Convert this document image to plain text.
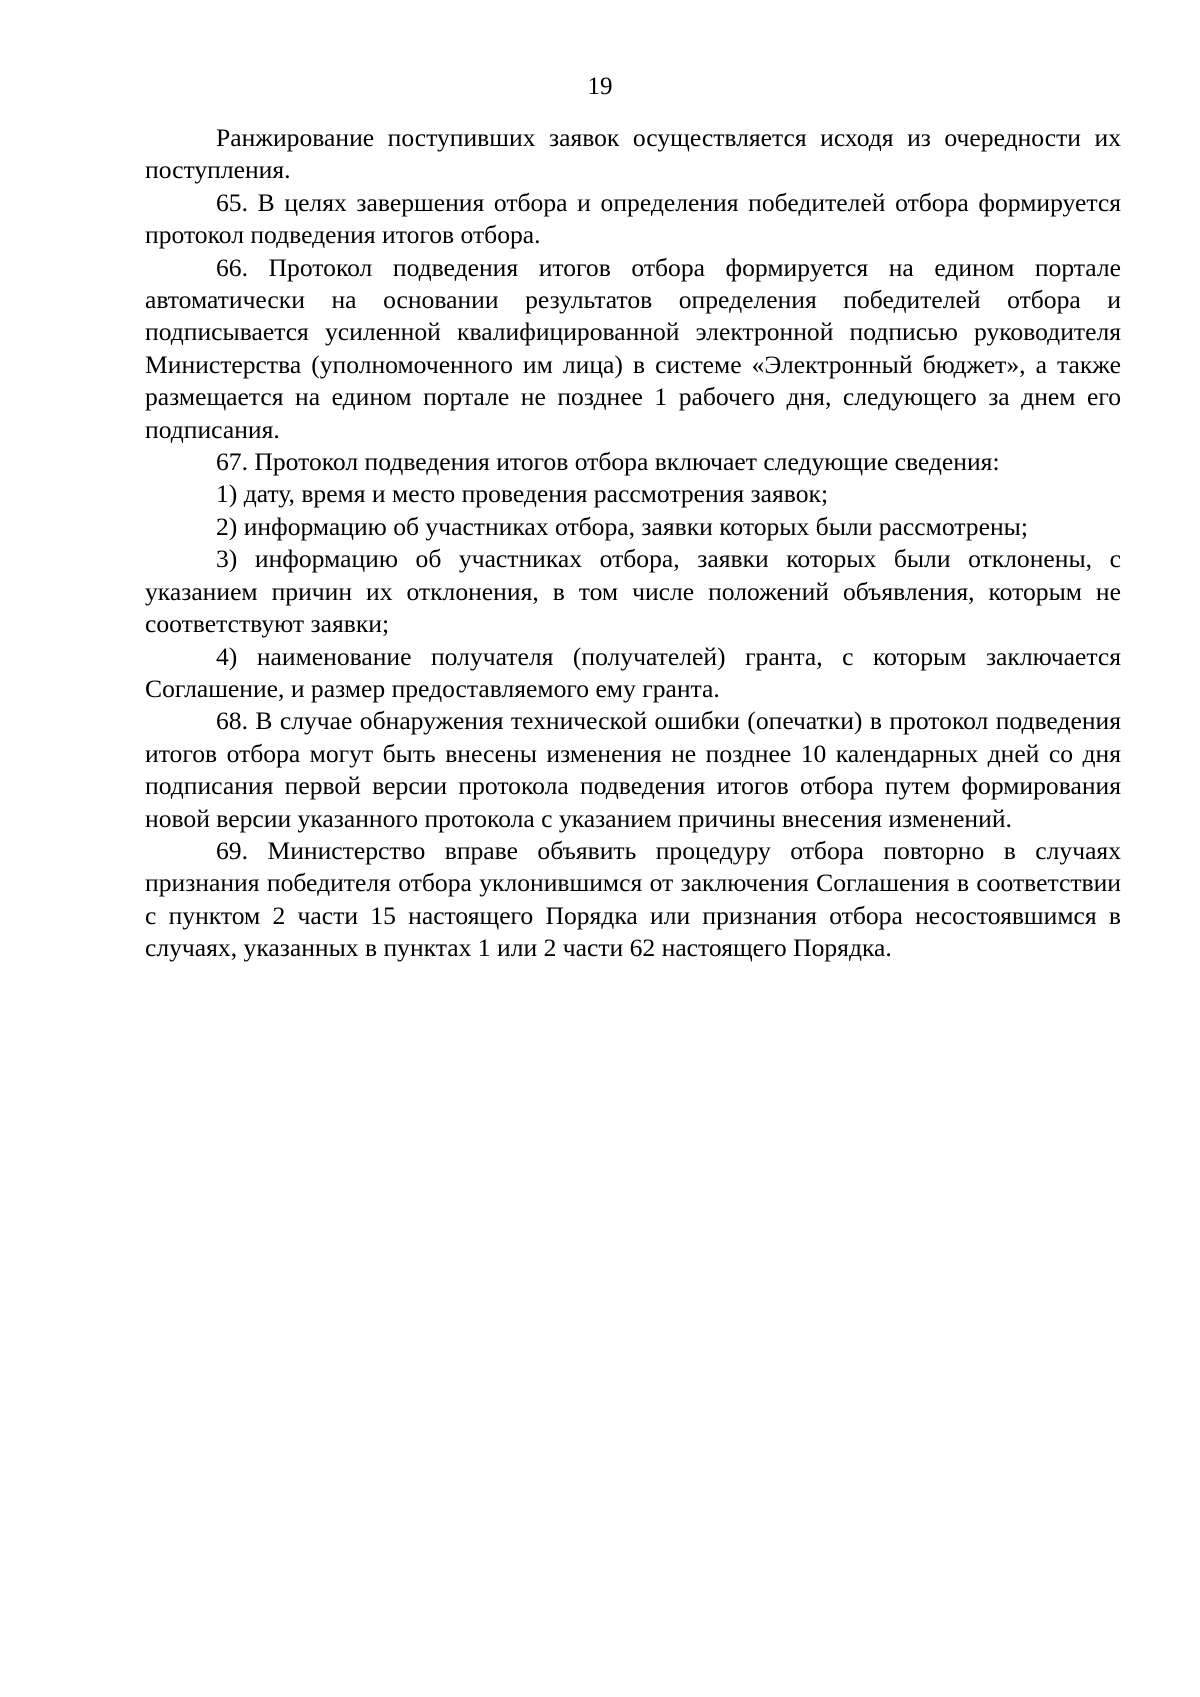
19

Ранжирование поступивших заявок осуществляется исходя из очередности их поступления.

65. В целях завершения отбора и определения победителей отбора формируется протокол подведения итогов отбора.

66. Протокол подведения итогов отбора формируется на едином портале автоматически на основании результатов определения победителей отбора и подписывается усиленной квалифицированной электронной подписью руководителя Министерства (уполномоченного им лица) в системе «Электронный бюджет», а также размещается на едином портале не позднее 1 рабочего дня, следующего за днем его подписания.

67. Протокол подведения итогов отбора включает следующие сведения:

1) дату, время и место проведения рассмотрения заявок;

2) информацию об участниках отбора, заявки которых были рассмотрены;

3) информацию об участниках отбора, заявки которых были отклонены, с указанием причин их отклонения, в том числе положений объявления, которым не соответствуют заявки;

4) наименование получателя (получателей) гранта, с которым заключается Соглашение, и размер предоставляемого ему гранта.

68. В случае обнаружения технической ошибки (опечатки) в протокол подведения итогов отбора могут быть внесены изменения не позднее 10 календарных дней со дня подписания первой версии протокола подведения итогов отбора путем формирования новой версии указанного протокола с указанием причины внесения изменений.

69. Министерство вправе объявить процедуру отбора повторно в случаях признания победителя отбора уклонившимся от заключения Соглашения в соответствии с пунктом 2 части 15 настоящего Порядка или признания отбора несостоявшимся в случаях, указанных в пунктах 1 или 2 части 62 настоящего Порядка.
